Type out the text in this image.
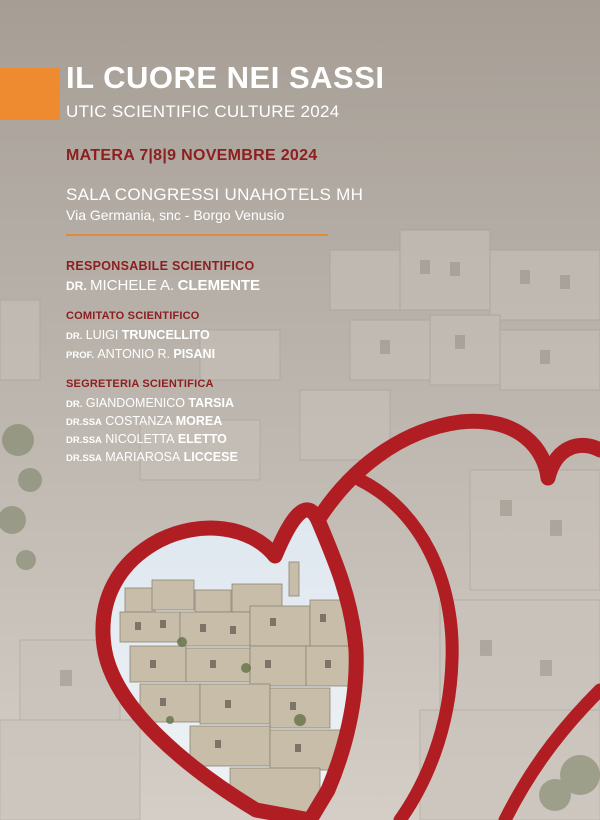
IL CUORE NEI SASSI
UTIC SCIENTIFIC CULTURE 2024
MATERA 7|8|9 NOVEMBRE 2024
SALA CONGRESSI UNAHOTELS MH
Via Germania, snc - Borgo Venusio
RESPONSABILE SCIENTIFICO
DR. MICHELE A. CLEMENTE
COMITATO SCIENTIFICO
DR. LUIGI TRUNCELLITO
PROF. ANTONIO R. PISANI
SEGRETERIA SCIENTIFICA
DR. GIANDOMENICO TARSIA
DR.SSA COSTANZA MOREA
DR.SSA NICOLETTA ELETTO
DR.SSA MARIAROSA LICCESE
